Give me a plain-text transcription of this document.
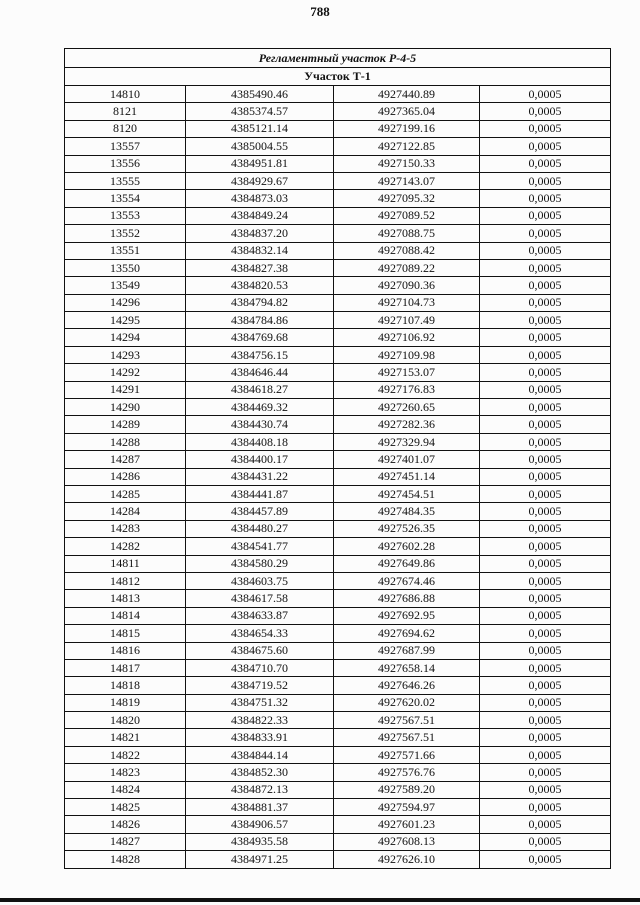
788
Регламентный участок Р-4-5
Участок Т-1
14810	4385490.46	4927440.89	0,0005
8121	4385374.57	4927365.04	0,0005
8120	4385121.14	4927199.16	0,0005
13557	4385004.55	4927122.85	0,0005
13556	4384951.81	4927150.33	0,0005
13555	4384929.67	4927143.07	0,0005
13554	4384873.03	4927095.32	0,0005
13553	4384849.24	4927089.52	0,0005
13552	4384837.20	4927088.75	0,0005
13551	4384832.14	4927088.42	0,0005
13550	4384827.38	4927089.22	0,0005
13549	4384820.53	4927090.36	0,0005
14296	4384794.82	4927104.73	0,0005
14295	4384784.86	4927107.49	0,0005
14294	4384769.68	4927106.92	0,0005
14293	4384756.15	4927109.98	0,0005
14292	4384646.44	4927153.07	0,0005
14291	4384618.27	4927176.83	0,0005
14290	4384469.32	4927260.65	0,0005
14289	4384430.74	4927282.36	0,0005
14288	4384408.18	4927329.94	0,0005
14287	4384400.17	4927401.07	0,0005
14286	4384431.22	4927451.14	0,0005
14285	4384441.87	4927454.51	0,0005
14284	4384457.89	4927484.35	0,0005
14283	4384480.27	4927526.35	0,0005
14282	4384541.77	4927602.28	0,0005
14811	4384580.29	4927649.86	0,0005
14812	4384603.75	4927674.46	0,0005
14813	4384617.58	4927686.88	0,0005
14814	4384633.87	4927692.95	0,0005
14815	4384654.33	4927694.62	0,0005
14816	4384675.60	4927687.99	0,0005
14817	4384710.70	4927658.14	0,0005
14818	4384719.52	4927646.26	0,0005
14819	4384751.32	4927620.02	0,0005
14820	4384822.33	4927567.51	0,0005
14821	4384833.91	4927567.51	0,0005
14822	4384844.14	4927571.66	0,0005
14823	4384852.30	4927576.76	0,0005
14824	4384872.13	4927589.20	0,0005
14825	4384881.37	4927594.97	0,0005
14826	4384906.57	4927601.23	0,0005
14827	4384935.58	4927608.13	0,0005
14828	4384971.25	4927626.10	0,0005
